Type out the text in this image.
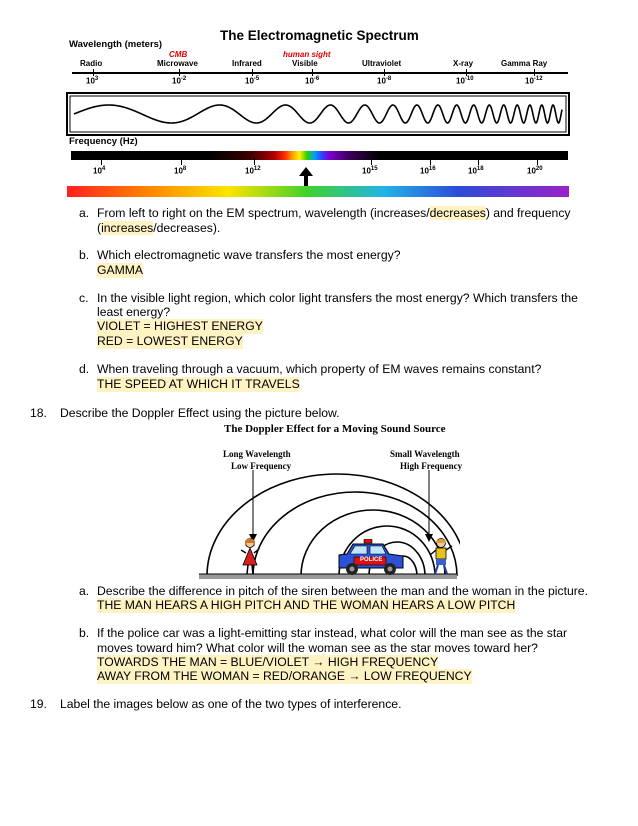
The Electromagnetic Spectrum
Wavelength (meters)
CMB	human sight
Radio	Microwave	Infrared	Visible	Ultraviolet	X-ray	Gamma Ray
$10^3$	$10^{-2}$	$10^{-5}$	$10^{-6}$	$10^{-8}$	$10^{-10}$	$10^{-12}$
Frequency (Hz)
$10^4$	$10^8$	$10^{12}$	$10^{15}$	$10^{16}$	$10^{18}$	$10^{20}$
a. From left to right on the EM spectrum, wavelength (increases/decreases) and frequency
(increases/decreases).
b. Which electromagnetic wave transfers the most energy?
GAMMA
c. In the visible light region, which color light transfers the most energy? Which transfers the
least energy?
VIOLET = HIGHEST ENERGY
RED = LOWEST ENERGY
d. When traveling through a vacuum, which property of EM waves remains constant?
THE SPEED AT WHICH IT TRAVELS
18. Describe the Doppler Effect using the picture below.
The Doppler Effect for a Moving Sound Source
Long Wavelength
Low Frequency
Small Wavelength
High Frequency
POLICE
a. Describe the difference in pitch of the siren between the man and the woman in the picture.
THE MAN HEARS A HIGH PITCH AND THE WOMAN HEARS A LOW PITCH
b. If the police car was a light-emitting star instead, what color will the man see as the star
moves toward him? What color will the woman see as the star moves toward her?
TOWARDS THE MAN = BLUE/VIOLET → HIGH FREQUENCY
AWAY FROM THE WOMAN = RED/ORANGE → LOW FREQUENCY
19. Label the images below as one of the two types of interference.
